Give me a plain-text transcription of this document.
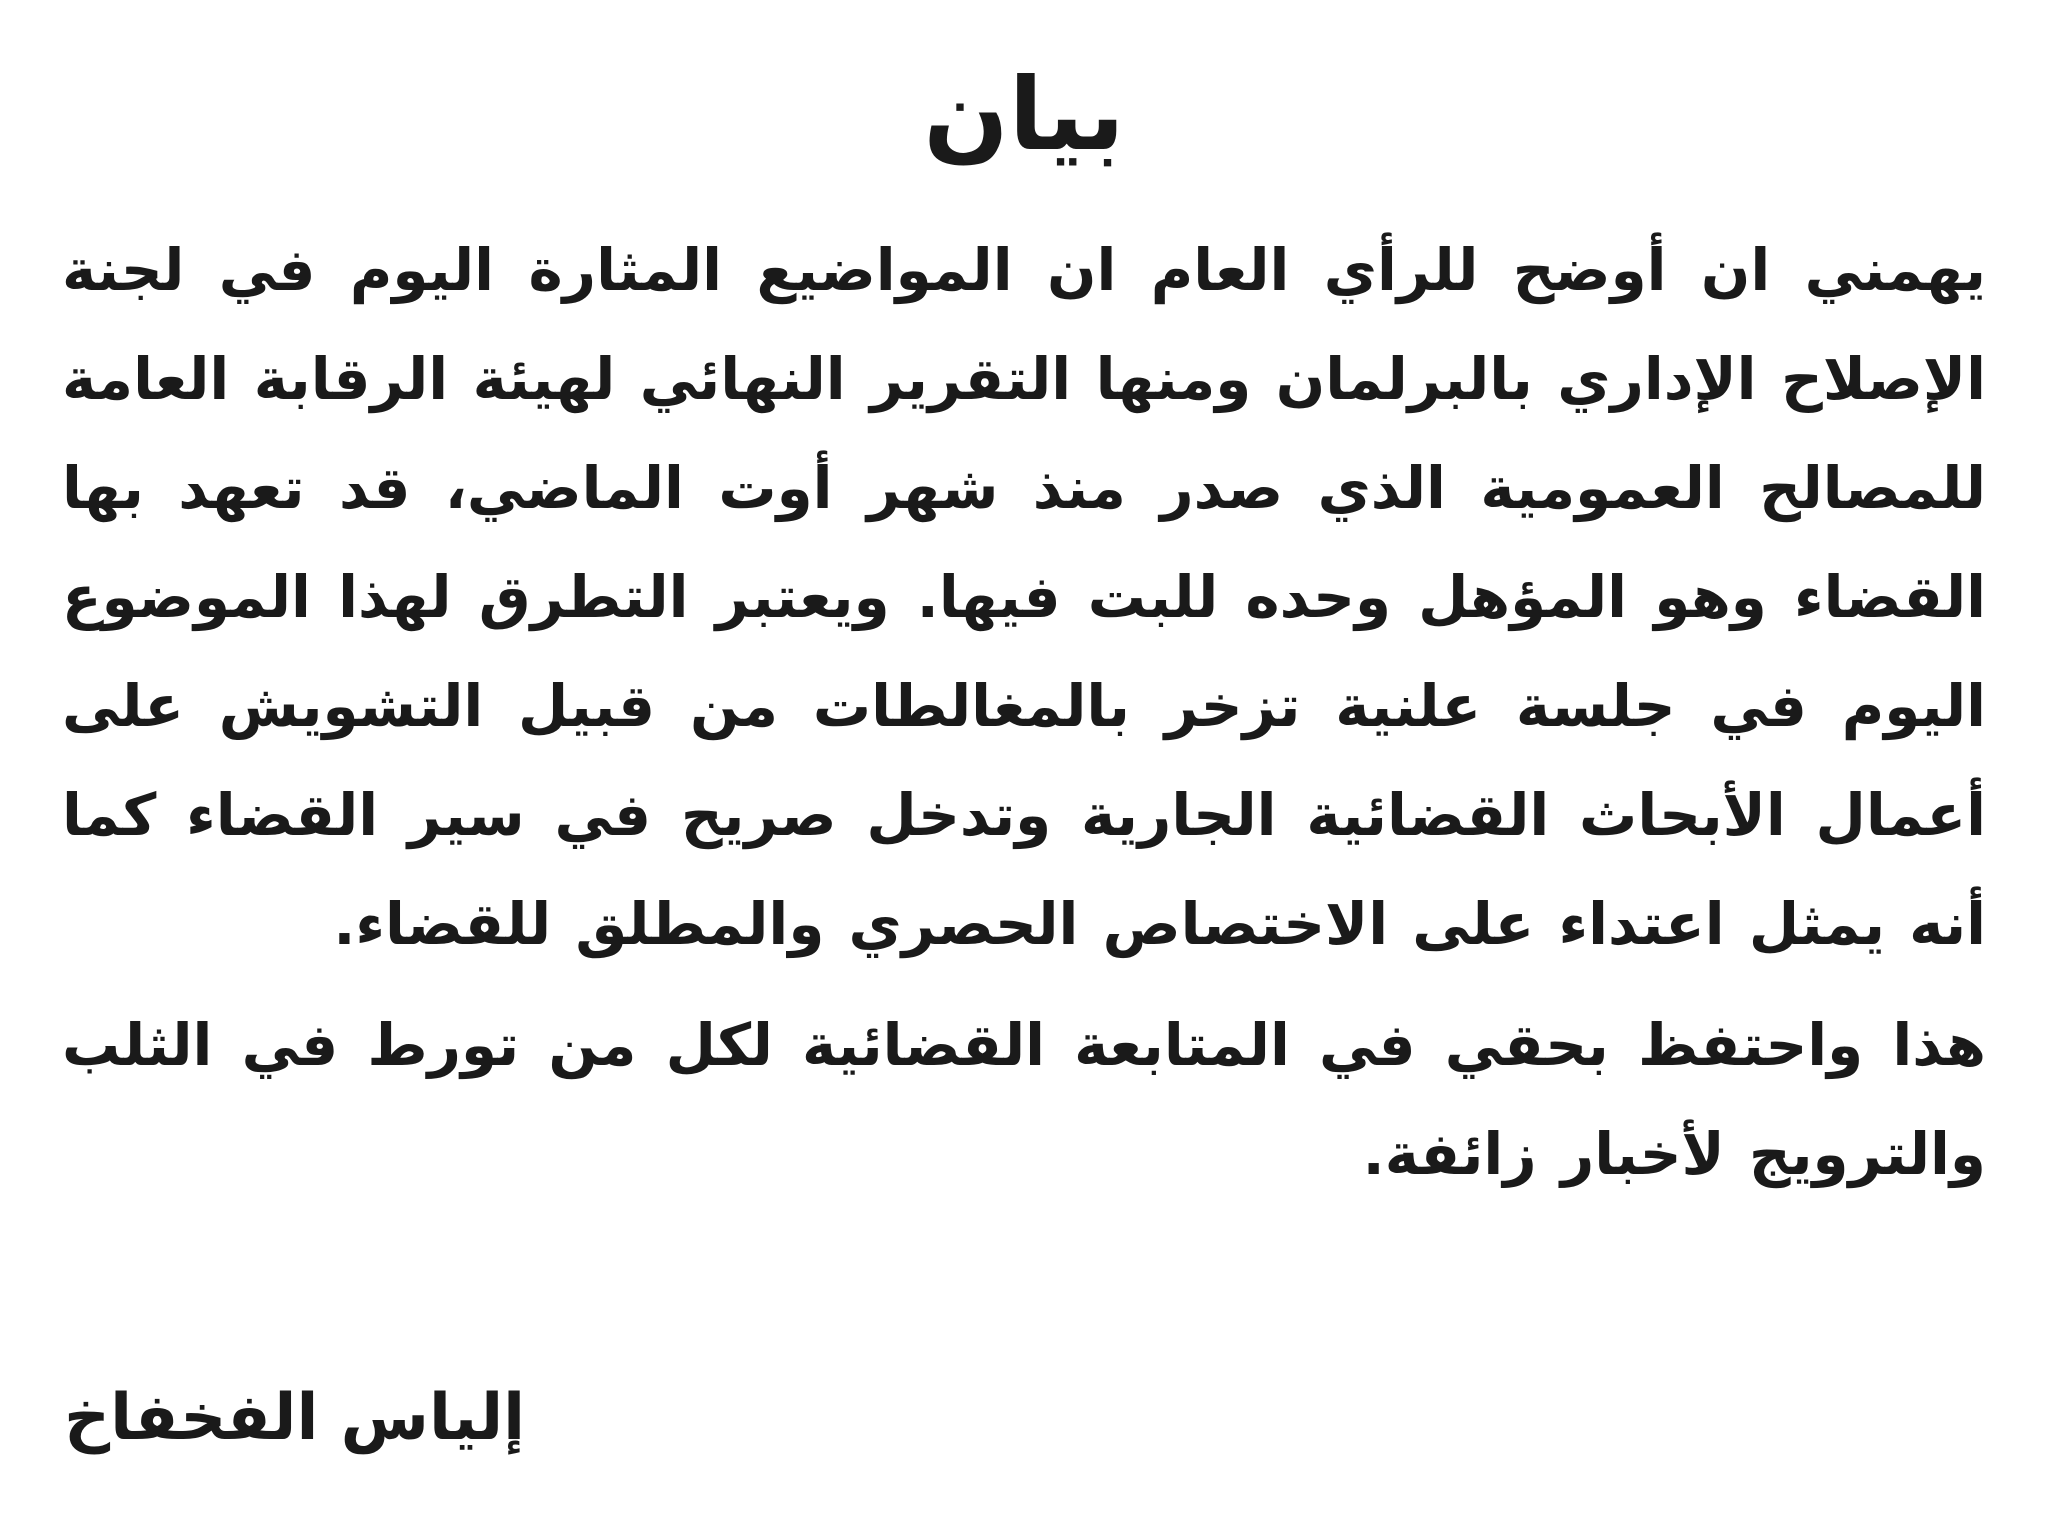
بيان

يهمني ان أوضح للرأي العام ان المواضيع المثارة اليوم في لجنة الإصلاح الإداري بالبرلمان ومنها التقرير النهائي لهيئة الرقابة العامة للمصالح العمومية الذي صدر منذ شهر أوت الماضي، قد تعهد بها القضاء وهو المؤهل وحده للبت فيها. ويعتبر التطرق لهذا الموضوع اليوم في جلسة علنية تزخر بالمغالطات من قبيل التشويش على أعمال الأبحاث القضائية الجارية وتدخل صريح في سير القضاء كما أنه يمثل اعتداء على الاختصاص الحصري والمطلق للقضاء.

هذا واحتفظ بحقي في المتابعة القضائية لكل من تورط في الثلب والترويج لأخبار زائفة.

إلياس الفخفاخ
